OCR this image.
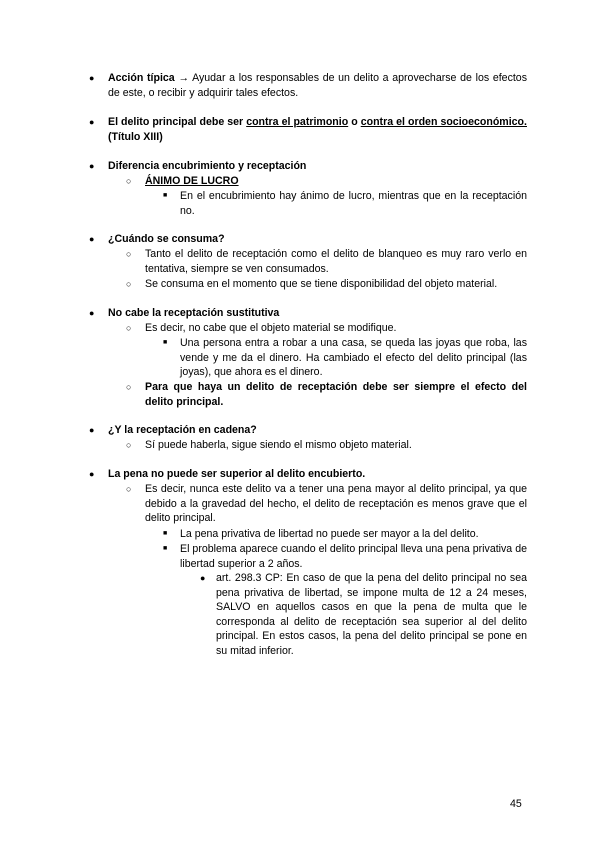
● Acción típica → Ayudar a los responsables de un delito a aprovecharse de los efectos de este, o recibir y adquirir tales efectos.
● El delito principal debe ser contra el patrimonio o contra el orden socioeconómico. (Título XIII)
● Diferencia encubrimiento y receptación
○ ÁNIMO DE LUCRO
■ En el encubrimiento hay ánimo de lucro, mientras que en la receptación no.
● ¿Cuándo se consuma?
○ Tanto el delito de receptación como el delito de blanqueo es muy raro verlo en tentativa, siempre se ven consumados.
○ Se consuma en el momento que se tiene disponibilidad del objeto material.
● No cabe la receptación sustitutiva
○ Es decir, no cabe que el objeto material se modifique.
■ Una persona entra a robar a una casa, se queda las joyas que roba, las vende y me da el dinero. Ha cambiado el efecto del delito principal (las joyas), que ahora es el dinero.
○ Para que haya un delito de receptación debe ser siempre el efecto del delito principal.
● ¿Y la receptación en cadena?
○ Sí puede haberla, sigue siendo el mismo objeto material.
● La pena no puede ser superior al delito encubierto.
○ Es decir, nunca este delito va a tener una pena mayor al delito principal, ya que debido a la gravedad del hecho, el delito de receptación es menos grave que el delito principal.
■ La pena privativa de libertad no puede ser mayor a la del delito.
■ El problema aparece cuando el delito principal lleva una pena privativa de libertad superior a 2 años.
● art. 298.3 CP: En caso de que la pena del delito principal no sea pena privativa de libertad, se impone multa de 12 a 24 meses, SALVO en aquellos casos en que la pena de multa que le corresponda al delito de receptación sea superior al del delito principal. En estos casos, la pena del delito principal se pone en su mitad inferior.
45
